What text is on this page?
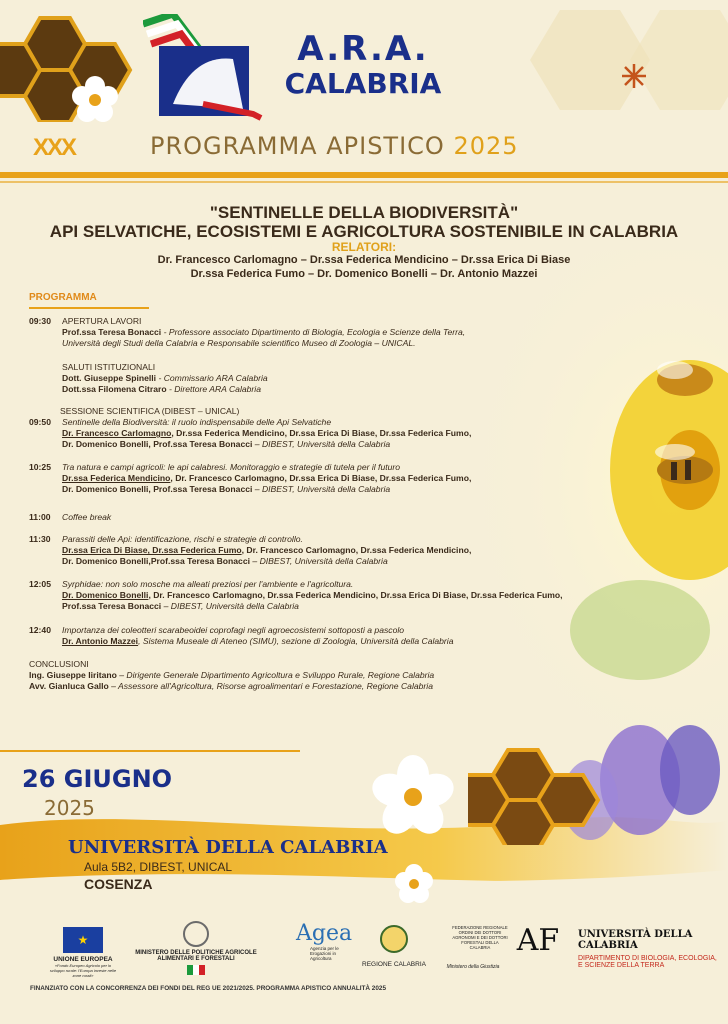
A.R.A.
CALABRIA
XXX	PROGRAMMA APISTICO 2025
"SENTINELLE DELLA BIODIVERSITÀ"
API SELVATICHE, ECOSISTEMI E AGRICOLTURA SOSTENIBILE IN CALABRIA
RELATORI:
Dr. Francesco Carlomagno – Dr.ssa Federica Mendicino – Dr.ssa Erica Di Biase
Dr.ssa Federica Fumo – Dr. Domenico Bonelli – Dr. Antonio Mazzei
PROGRAMMA
09:30 APERTURA LAVORI
Prof.ssa Teresa Bonacci - Professore associato Dipartimento di Biologia, Ecologia e Scienze della Terra,
Università degli Studi della Calabria e Responsabile scientifico Museo di Zoologia – UNICAL.
SALUTI ISTITUZIONALI
Dott. Giuseppe Spinelli - Commissario ARA Calabria
Dott.ssa Filomena Citraro - Direttore ARA Calabria
SESSIONE SCIENTIFICA (DIBEST – UNICAL)
09:50 Sentinelle della Biodiversità: il ruolo indispensabile delle Api Selvatiche
Dr. Francesco Carlomagno, Dr.ssa Federica Mendicino, Dr.ssa Erica Di Biase, Dr.ssa Federica Fumo,
Dr. Domenico Bonelli, Prof.ssa Teresa Bonacci – DIBEST, Università della Calabria
10:25 Tra natura e campi agricoli: le api calabresi. Monitoraggio e strategie di tutela per il futuro
Dr.ssa Federica Mendicino, Dr. Francesco Carlomagno, Dr.ssa Erica Di Biase, Dr.ssa Federica Fumo,
Dr. Domenico Bonelli, Prof.ssa Teresa Bonacci – DIBEST, Università della Calabria
11:00 Coffee break
11:30 Parassiti delle Api: identificazione, rischi e strategie di controllo.
Dr.ssa Erica Di Biase, Dr.ssa Federica Fumo, Dr. Francesco Carlomagno, Dr.ssa Federica Mendicino,
Dr. Domenico Bonelli,Prof.ssa Teresa Bonacci – DIBEST, Università della Calabria
12:05 Syrphidae: non solo mosche ma alleati preziosi per l'ambiente e l'agricoltura.
Dr. Domenico Bonelli, Dr. Francesco Carlomagno, Dr.ssa Federica Mendicino, Dr.ssa Erica Di Biase, Dr.ssa Federica Fumo,
Prof.ssa Teresa Bonacci – DIBEST, Università della Calabria
12:40 Importanza dei coleotteri scarabeoidei coprofagi negli agroecosistemi sottoposti a pascolo
Dr. Antonio Mazzei, Sistema Museale di Ateneo (SIMU), sezione di Zoologia, Università della Calabria
CONCLUSIONI
Ing. Giuseppe Iiritano – Dirigente Generale Dipartimento Agricoltura e Sviluppo Rurale, Regione Calabria
Avv. Gianluca Gallo – Assessore all'Agricoltura, Risorse agroalimentari e Forestazione, Regione Calabria
26 GIUGNO
2025
UNIVERSITÀ DELLA CALABRIA
Aula 5B2, DIBEST, UNICAL
COSENZA
★
UNIONE EUROPEA
«Fondo Europeo Agricolo per lo sviluppo rurale: l'Europa investe nelle zone rurali»
MINISTERO DELLE POLITICHE AGRICOLE ALIMENTARI E FORESTALI
Agea
Agenzia per le Erogazioni in Agricoltura
REGIONE CALABRIA
FEDERAZIONE REGIONALE ORDINI DEI DOTTORI AGRONOMI E DEI DOTTORI FORESTALI DELLA CALABRIA
Ministero della Giustizia
AF	UNIVERSITÀ DELLA CALABRIA
DIPARTIMENTO DI BIOLOGIA, ECOLOGIA,
E SCIENZE DELLA TERRA
FINANZIATO CON LA CONCORRENZA DEI FONDI DEL REG UE 2021/2025. PROGRAMMA APISTICO ANNUALITÀ 2025
